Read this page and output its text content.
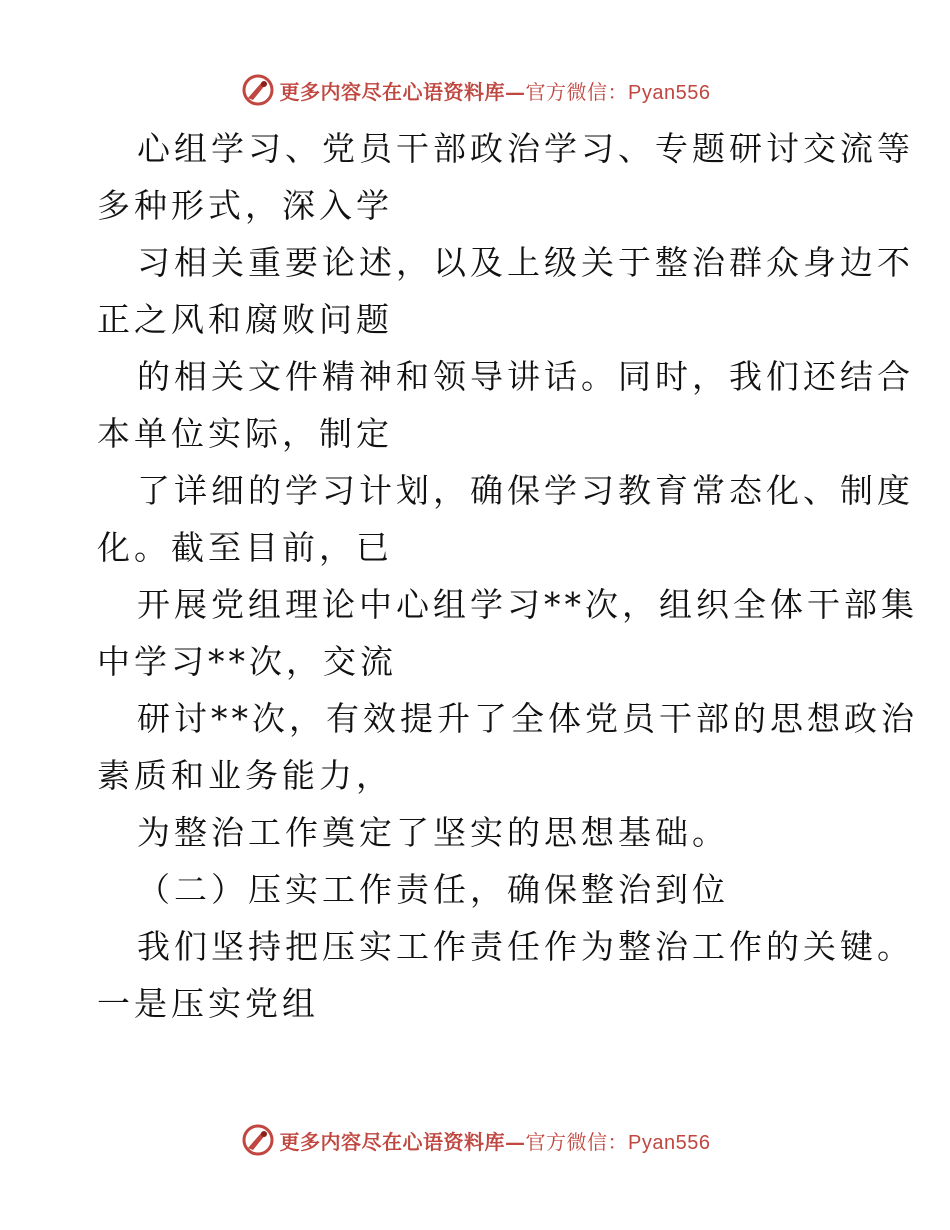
更多内容尽在心语资料库—官方微信：Pyan556
心组学习、党员干部政治学习、专题研讨交流等
多种形式，深入学
习相关重要论述，以及上级关于整治群众身边不
正之风和腐败问题
的相关文件精神和领导讲话。同时，我们还结合
本单位实际，制定
了详细的学习计划，确保学习教育常态化、制度
化。截至目前，已
开展党组理论中心组学习**次，组织全体干部集
中学习**次，交流
研讨**次，有效提升了全体党员干部的思想政治
素质和业务能力，
为整治工作奠定了坚实的思想基础。
（二）压实工作责任，确保整治到位
我们坚持把压实工作责任作为整治工作的关键。
一是压实党组
更多内容尽在心语资料库—官方微信：Pyan556
